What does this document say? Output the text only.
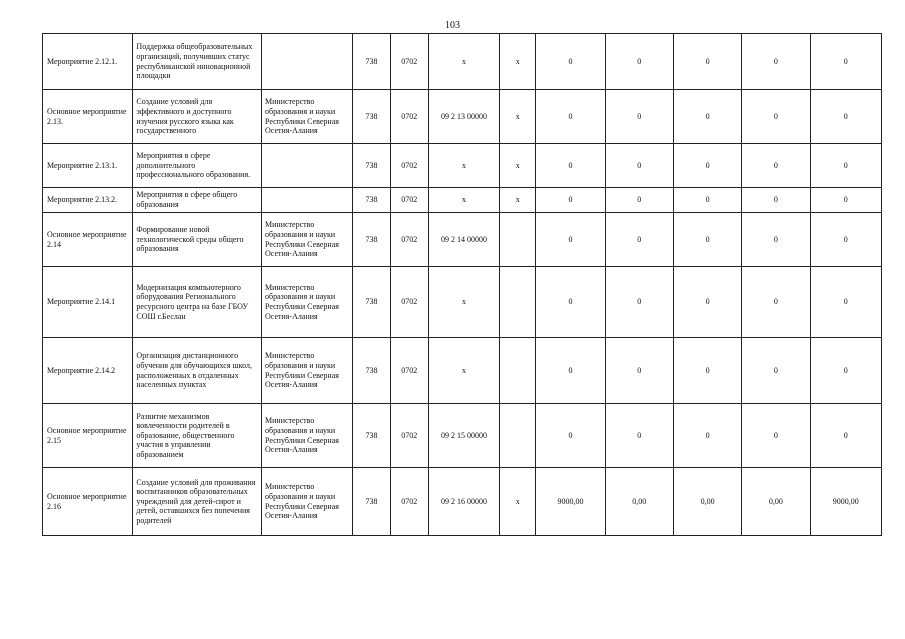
103
Мероприятие 2.12.1.	Поддержка общеобразовательных организаций, получивших статус республиканской инновационной площадки		738	0702	x	x	0	0	0	0	0
Основное мероприятие 2.13.	Создание условий для эффективного и доступного изучения русского языка как государственного	Министерство образования и науки Республики Северная Осетия-Алания	738	0702	09 2 13 00000	x	0	0	0	0	0
Мероприятие 2.13.1.	Мероприятия в сфере дополнительного профессионального образования.		738	0702	x	x	0	0	0	0	0
Мероприятие 2.13.2.	Мероприятия в сфере общего образования		738	0702	x	x	0	0	0	0	0
Основное мероприятие 2.14	Формирование новой технологической среды общего образования	Министерство образования и науки Республики Северная Осетия-Алания	738	0702	09 2 14 00000		0	0	0	0	0
Мероприятие 2.14.1	Модернизация компьютерного оборудования Регионального ресурсного центра на базе ГБОУ СОШ г.Беслан	Министерство образования и науки Республики Северная Осетия-Алания	738	0702	x		0	0	0	0	0
Мероприятие 2.14.2	Организация дистанционного обучения для обучающихся школ, расположенных в отдаленных населенных пунктах	Министерство образования и науки Республики Северная Осетия-Алания	738	0702	x		0	0	0	0	0
Основное мероприятие 2.15	Развитие механизмов вовлеченности родителей в образование, общественного участия в управлении образованием	Министерство образования и науки Республики Северная Осетия-Алания	738	0702	09 2 15 00000		0	0	0	0	0
Основное мероприятие 2.16	Создание условий для проживания воспитанников образовательных учреждений для детей-сирот и детей, оставшихся без попечения родителей	Министерство образования и науки Республики Северная Осетия-Алания	738	0702	09 2 16 00000	x	9000,00	0,00	0,00	0,00	9000,00
